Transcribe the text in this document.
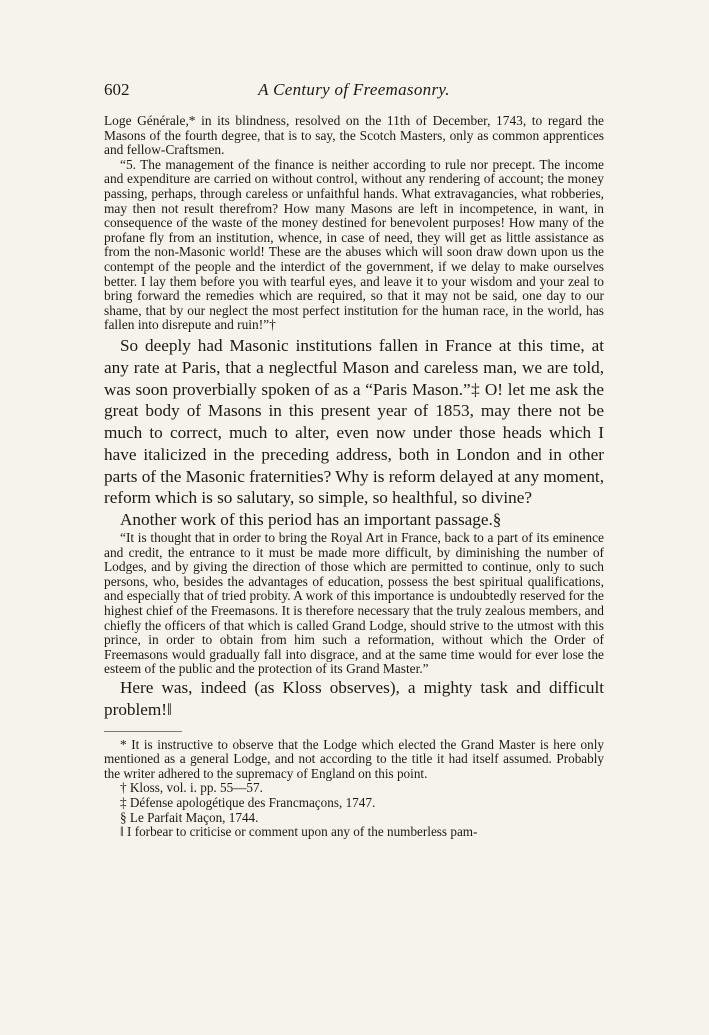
602	A Century of Freemasonry.

Loge Générale,* in its blindness, resolved on the 11th of December, 1743, to regard the Masons of the fourth degree, that is to say, the Scotch Masters, only as common apprentices and fellow-Craftsmen.

“5. The management of the finance is neither according to rule nor precept. The income and expenditure are carried on without control, without any rendering of account; the money passing, perhaps, through careless or unfaithful hands. What extravagancies, what robberies, may then not result therefrom? How many Masons are left in incompetence, in want, in consequence of the waste of the money destined for benevolent purposes! How many of the profane fly from an institution, whence, in case of need, they will get as little assistance as from the non-Masonic world! These are the abuses which will soon draw down upon us the contempt of the people and the interdict of the government, if we delay to make ourselves better. I lay them before you with tearful eyes, and leave it to your wisdom and your zeal to bring forward the remedies which are required, so that it may not be said, one day to our shame, that by our neglect the most perfect institution for the human race, in the world, has fallen into disrepute and ruin!”†

So deeply had Masonic institutions fallen in France at this time, at any rate at Paris, that a neglectful Mason and careless man, we are told, was soon proverbially spoken of as a “Paris Mason.”‡ O! let me ask the great body of Masons in this present year of 1853, may there not be much to correct, much to alter, even now under those heads which I have italicized in the preceding address, both in London and in other parts of the Masonic fraternities? Why is reform delayed at any moment, reform which is so salutary, so simple, so healthful, so divine?

Another work of this period has an important passage.§

“It is thought that in order to bring the Royal Art in France, back to a part of its eminence and credit, the entrance to it must be made more difficult, by diminishing the number of Lodges, and by giving the direction of those which are permitted to continue, only to such persons, who, besides the advantages of education, possess the best spiritual qualifications, and especially that of tried probity. A work of this importance is undoubtedly reserved for the highest chief of the Freemasons. It is therefore necessary that the truly zealous members, and chiefly the officers of that which is called Grand Lodge, should strive to the utmost with this prince, in order to obtain from him such a reformation, without which the Order of Freemasons would gradually fall into disgrace, and at the same time would for ever lose the esteem of the public and the protection of its Grand Master.”

Here was, indeed (as Kloss observes), a mighty task and difficult problem!‖

* It is instructive to observe that the Lodge which elected the Grand Master is here only mentioned as a general Lodge, and not according to the title it had itself assumed. Probably the writer adhered to the supremacy of England on this point.

† Kloss, vol. i. pp. 55—57.

‡ Défense apologétique des Francmaçons, 1747.

§ Le Parfait Maçon, 1744.

‖ I forbear to criticise or comment upon any of the numberless pam-
